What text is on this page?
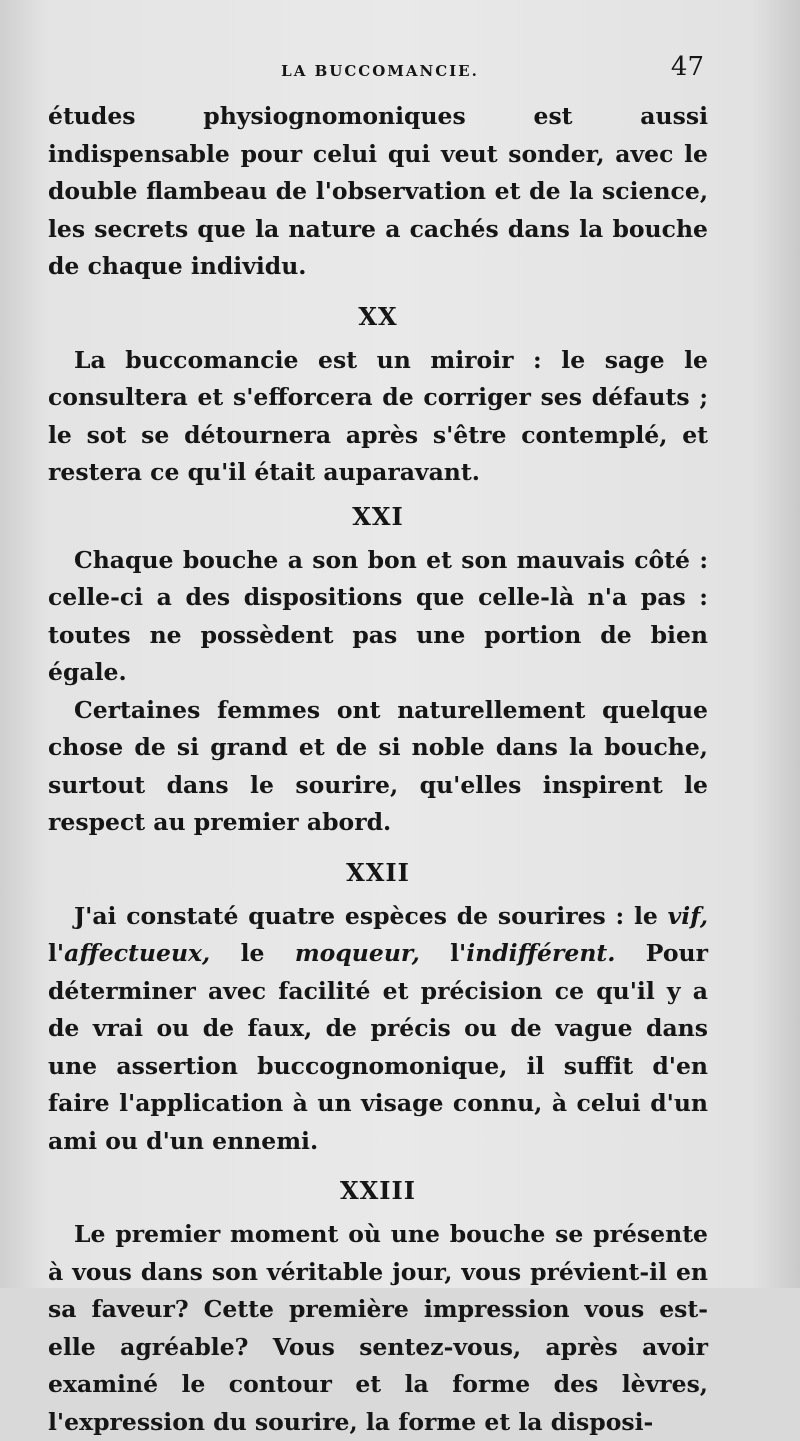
LA BUCCOMANCIE.	47

études physiognomoniques est aussi indispensable pour celui qui veut sonder, avec le double flambeau de l'observation et de la science, les secrets que la nature a cachés dans la bouche de chaque individu.

XX

La buccomancie est un miroir : le sage le consultera et s'efforcera de corriger ses défauts ; le sot se détournera après s'être contemplé, et restera ce qu'il était auparavant.

XXI

Chaque bouche a son bon et son mauvais côté : celle-ci a des dispositions que celle-là n'a pas : toutes ne possèdent pas une portion de bien égale.

Certaines femmes ont naturellement quelque chose de si grand et de si noble dans la bouche, surtout dans le sourire, qu'elles inspirent le respect au premier abord.

XXII

J'ai constaté quatre espèces de sourires : le vif, l'affectueux, le moqueur, l'indifférent. Pour déterminer avec facilité et précision ce qu'il y a de vrai ou de faux, de précis ou de vague dans une assertion buccognomonique, il suffit d'en faire l'application à un visage connu, à celui d'un ami ou d'un ennemi.

XXIII

Le premier moment où une bouche se présente à vous dans son véritable jour, vous prévient-il en sa faveur? Cette première impression vous est-elle agréable? Vous sentez-vous, après avoir examiné le contour et la forme des lèvres, l'expression du sourire, la forme et la disposi-
